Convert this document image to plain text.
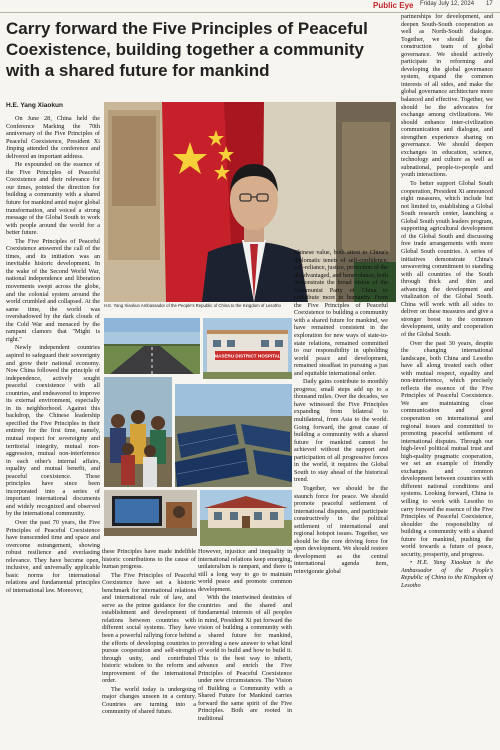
Public Eye Friday July 12, 2024 17
Carry forward the Five Principles of Peaceful Coexistence, building together a community with a shared future for mankind
H.E. Yang Xiaokun

On June 28, China held the Conference Marking the 70th anniversary of the Five Principles of Peaceful Coexistence, President Xi Jinping attended the conference and delivered an important address.

He expounded on the essence of the Five Principles of Peaceful Coexistence and their relevance for our times, pointed the direction for building a community with a shared future for mankind amid major global transformation, and voiced a strong message of the Global South to work with people around the world for a better future.

The Five Principles of Peaceful Coexistence answered the call of the times, and its initiation was an inevitable historic development. In the wake of the Second World War, national independence and liberation movements swept across the globe, and the colonial system around the world crumbled and collapsed. At the same time, the world was overshadowed by the dark clouds of the Cold War and menaced by the rampant clamors that "Might is right."

Newly independent countries aspired to safeguard their sovereignty and grow their national economy. Now China followed the principle of independence, actively sought peaceful coexistence with all countries, and endeavored to improve its external environment, especially in its neighborhood. Against this backdrop, the Chinese leadership specified the Five Principles in their entirety for the first time, namely, mutual respect for sovereignty and territorial integrity, mutual non-aggression, mutual non-interference in each other's internal affairs, equality and mutual benefit, and peaceful coexistence. These principles have since been incorporated into a series of important international documents and widely recognized and observed by the international community.

Over the past 70 years, the Five Principles of Peaceful Coexistence have transcended time and space and overcome estrangement, showing robust resilience and everlasting relevance. They have become open, inclusive, and universally applicable basic norms for international relations and fundamental principles of international law. Moreover,

H.E. Yang Xiaokun Ambassador of the People's Republic of China to the Kingdom of Lesotho
MASERU DISTRICT HOSPITAL

these Principles have made indelible historic contributions to the cause of human progress.

The Five Principles of Peaceful Coexistence have set a historic benchmark for international relations and international rule of law, and serve as the prime guidance for the establishment and development of relations between countries with different social systems. They have been a powerful rallying force behind the efforts of developing countries to pursue cooperation and self-strength through unity, and contributed historic wisdom to the reform and improvement of the international order.

The world today is undergoing major changes unseen in a century. Countries are turning into a community of shared future.

However, injustice and inequality in international relations keep emerging, unilateralism is rampant, and there is still a long way to go to maintain world peace and promote common development.

With the intertwined destinies of countries and the shared and fundamental interests of all peoples in mind, President Xi put forward the vision of building a community with a shared future for mankind, providing a new answer to what kind of world to build and how to build it. This is the best way to inherit, advance and enrich the Five Principles of Peaceful Coexistence under new circumstances. The Vision of Building a Community with a Shared Future for Mankind carries forward the same spirit of the Five Principles. Both are rooted in traditional

Chinese value, both attest to China's diplomatic tenets of self-confidence, self-reliance, justice, protection of the disadvantaged, and benevolence, both demonstrate the broad vision of the Communist Party of China to contribute more to humanity. From the Five Principles of Peaceful Coexistence to building a community with a shared future for mankind, we have remained consistent in the exploration for new ways of state-to-state relations, remained committed to our responsibility in upholding world peace and development, remained steadfast in pursuing a just and equitable international order.

Daily gains contribute to monthly progress; small steps add up to a thousand miles. Over the decades, we have witnessed the Five Principles expanding from bilateral to multilateral, from Asia to the world. Going forward, the great cause of building a community with a shared future for mankind cannot be achieved without the support and participation of all progressive forces in the world, it requires the Global South to stay ahead of the historical trend.

Together, we should be the staunch force for peace. We should promote peaceful settlement of international disputes, and participate constructively in the political settlement of international and regional hotspot issues. Together, we should be the core driving force for open development. We should restore development as the central international agenda item, reinvigorate global

partnerships for development, and deepen South-South cooperation as well as North-South dialogue. Together, we should be the construction team of global governance. We should actively participate in reforming and developing the global governance system, expand the common interests of all sides, and make the global governance architecture more balanced and effective. Together, we should be the advocates for exchange among civilizations. We should enhance inter-civilization communication and dialogue, and strengthen experience sharing on governance. We should deepen exchanges in education, science, technology and culture as well as subnational, people-to-people and youth interactions.

To better support Global South cooperation, President Xi announced eight measures, which include but not limited to, establishing a Global South research center, launching a Global South youth leaders program, supporting agricultural development of the Global South and discussing free trade arrangements with more Global South countries. A series of initiatives demonstrate China's unwavering commitment to standing with all countries of the South through thick and thin and advancing the development and vitalization of the Global South. China will work with all sides to deliver on these measures and give a stronger boost to the common development, unity and cooperation of the Global South.

Over the past 30 years, despite the changing international landscape, both China and Lesotho have all along treated each other with mutual respect, equality and non-interference, which precisely reflects the essence of the Five Principles of Peaceful Coexistence. We are maintaining close communication and good cooperation on international and regional issues and committed to promoting peaceful settlement of international disputes. Through our high-level political mutual trust and high-quality pragmatic cooperation, we set an example of friendly exchanges and common development between countries with different national conditions and systems. Looking forward, China is willing to work with Lesotho to carry forward the essence of the Five Principles of Peaceful Coexistence, shoulder the responsibility of building a community with a shared future for mankind, pushing the world towards a future of peace, security, prosperity, and progress.

• H.E. Yang Xiaokun is the Ambassador of the People's Republic of China to the Kingdom of Lesotho
